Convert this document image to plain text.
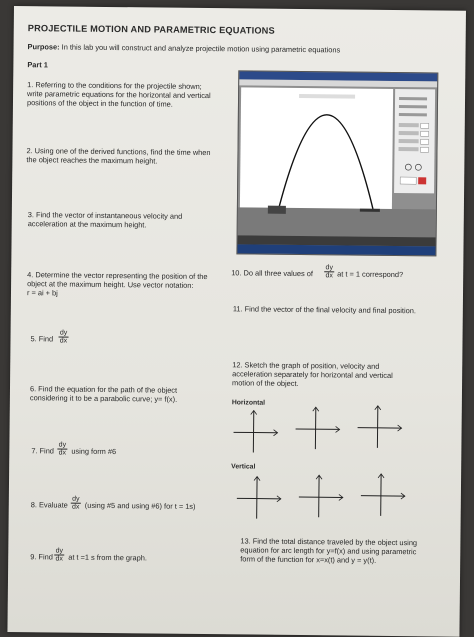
PROJECTILE MOTION AND PARAMETRIC EQUATIONS
Purpose: In this lab you will construct and analyze projectile motion using parametric equations
Part 1
1. Referring to the conditions for the projectile shown;
write parametric equations for the horizontal and vertical
positions of the object in the function of time.
2. Using one of the derived functions, find the time when
the object reaches the maximum height.
3. Find the vector of instantaneous velocity and
acceleration at the maximum height.
4. Determine the vector representing the position of the
object at the maximum height. Use vector notation:
r = ai + bj
10. Do all three values of $\frac{dy}{dx}$ at t = 1 correspond?
11. Find the vector of the final velocity and final position.
5. Find $\frac{dy}{dx}$
12. Sketch the graph of position, velocity and
acceleration separately for horizontal and vertical
motion of the object.
6. Find the equation for the path of the object
considering it to be a parabolic curve; y= f(x).	Horizontal
7. Find $\frac{dy}{dx}$ using form #6
Vertical
8. Evaluate $\frac{dy}{dx} (using$ #5 and using #6) for t = 1s)
13. Find the total distance traveled by the object using
equation for arc length for y=f(x) and using parametric
form of the function for x=x(t) and y = y(t).
9. Find $\frac{dy}{dx}$ at t =1 s from the graph.
